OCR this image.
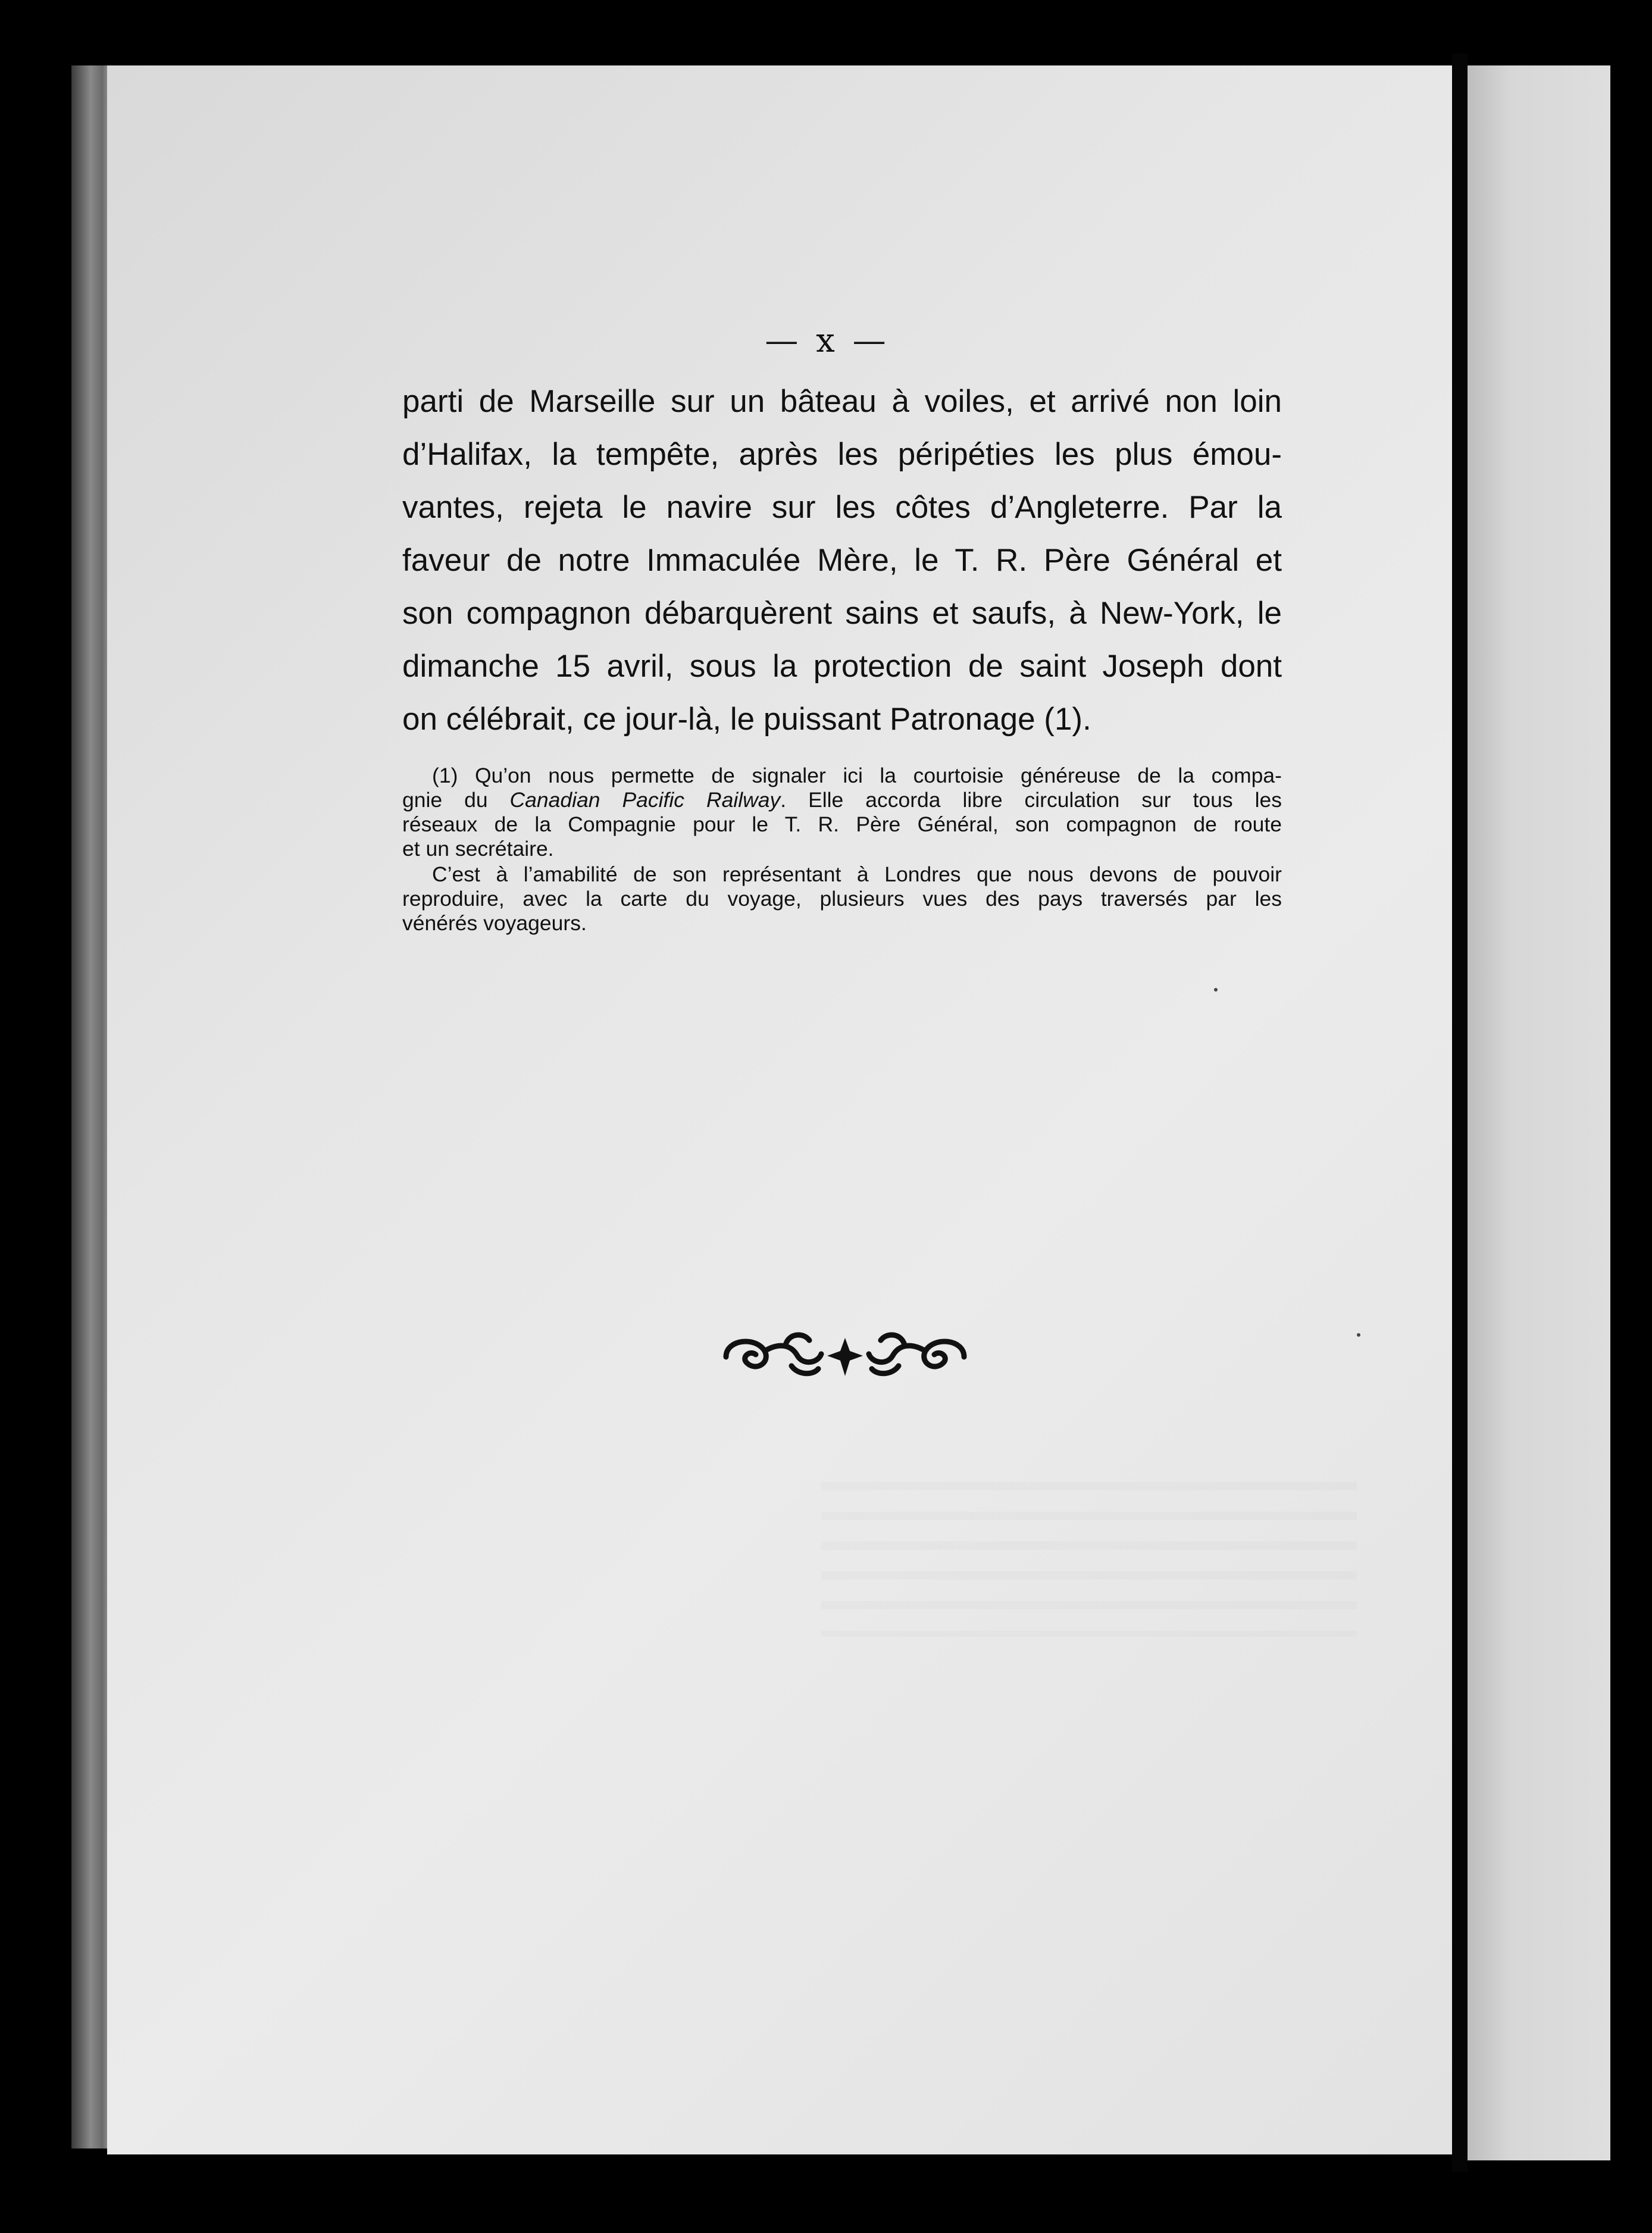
— x —
parti de Marseille sur un bâteau à voiles, et arrivé non loin
d’Halifax, la tempête, après les péripéties les plus émou-
vantes, rejeta le navire sur les côtes d’Angleterre. Par la
faveur de notre Immaculée Mère, le T. R. Père Général et
son compagnon débarquèrent sains et saufs, à New-York, le
dimanche 15 avril, sous la protection de saint Joseph dont
on célébrait, ce jour-là, le puissant Patronage (1).
(1) Qu’on nous permette de signaler ici la courtoisie généreuse de la compa-
gnie du Canadian Pacific Railway. Elle accorda libre circulation sur tous les
réseaux de la Compagnie pour le T. R. Père Général, son compagnon de route
et un secrétaire.
C’est à l’amabilité de son représentant à Londres que nous devons de pouvoir
reproduire, avec la carte du voyage, plusieurs vues des pays traversés par les
vénérés voyageurs.
